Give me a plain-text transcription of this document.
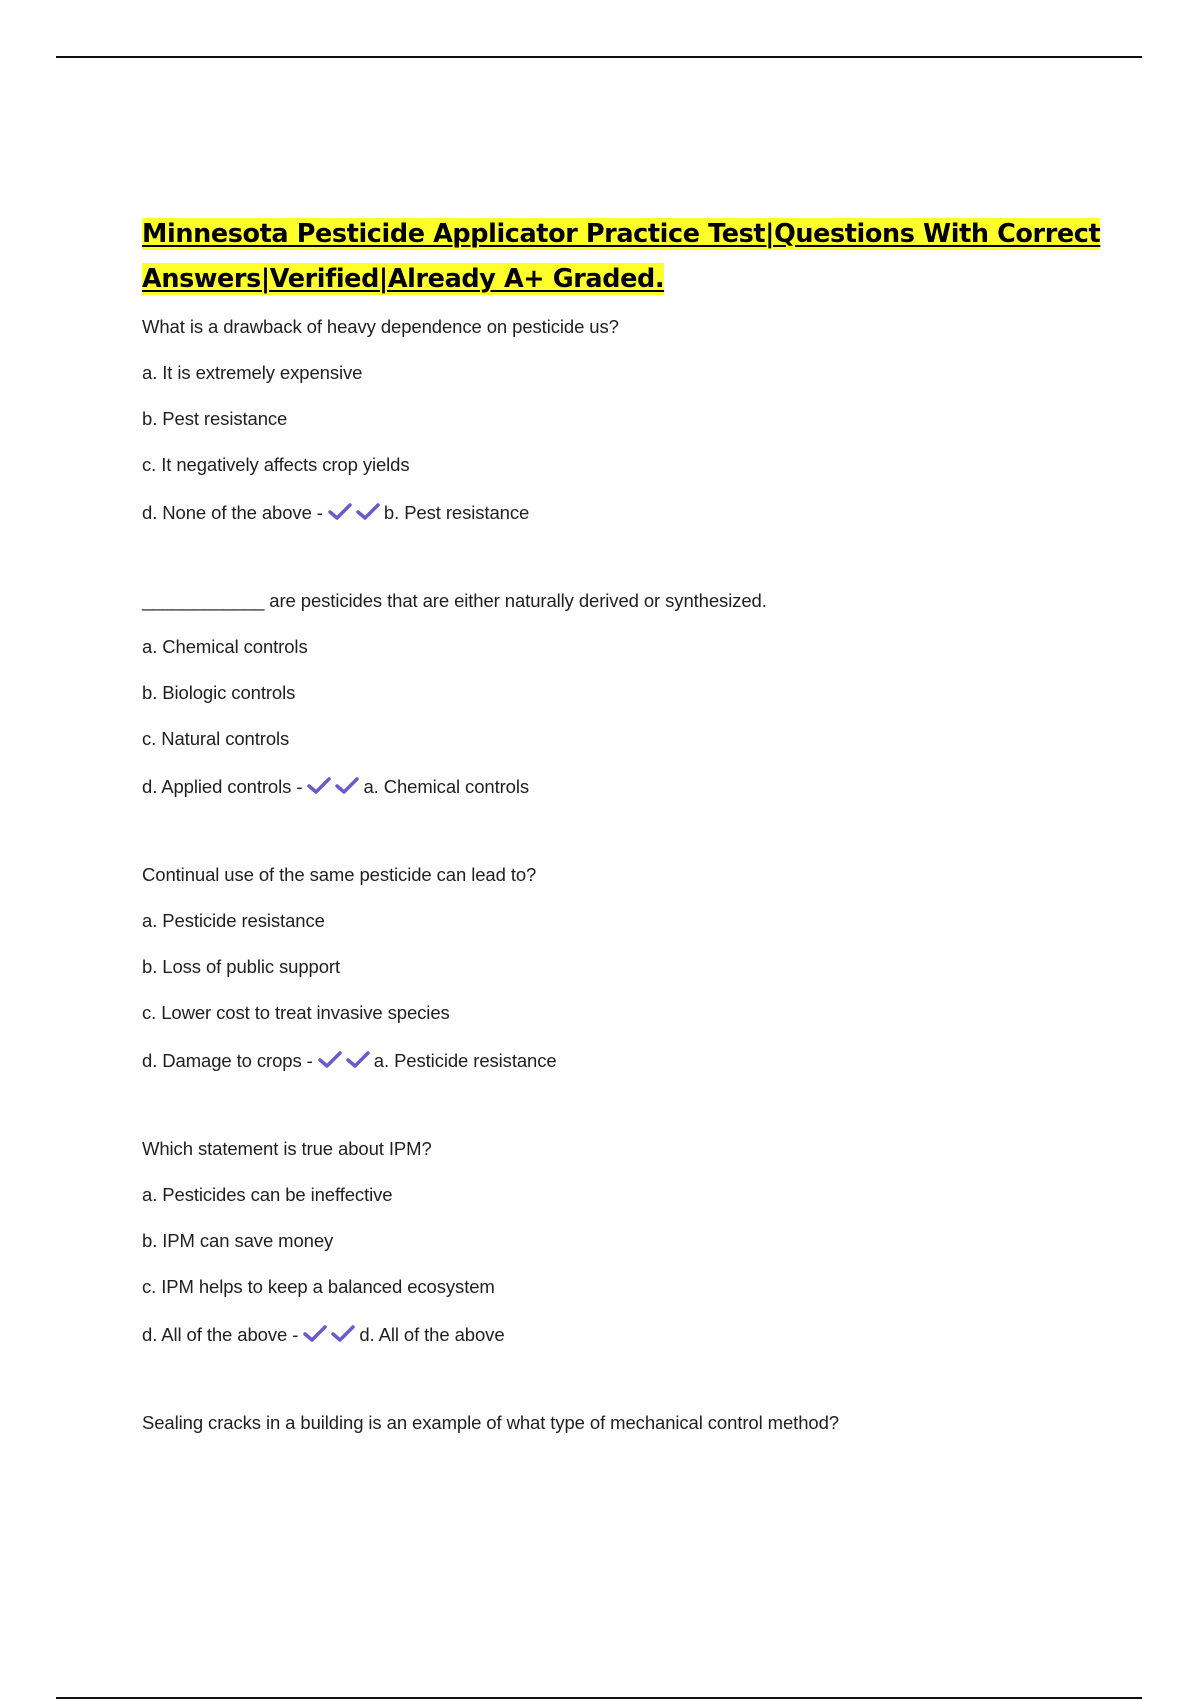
Minnesota Pesticide Applicator Practice Test|Questions With Correct Answers|Verified|Already A+ Graded.
What is a drawback of heavy dependence on pesticide us?
a. It is extremely expensive
b. Pest resistance
c. It negatively affects crop yields
d. None of the above -	b. Pest resistance
____________ are pesticides that are either naturally derived or synthesized.
a. Chemical controls
b. Biologic controls
c. Natural controls
d. Applied controls -	a. Chemical controls
Continual use of the same pesticide can lead to?
a. Pesticide resistance
b. Loss of public support
c. Lower cost to treat invasive species
d. Damage to crops -	a. Pesticide resistance
Which statement is true about IPM?
a. Pesticides can be ineffective
b. IPM can save money
c. IPM helps to keep a balanced ecosystem
d. All of the above -	d. All of the above
Sealing cracks in a building is an example of what type of mechanical control method?
